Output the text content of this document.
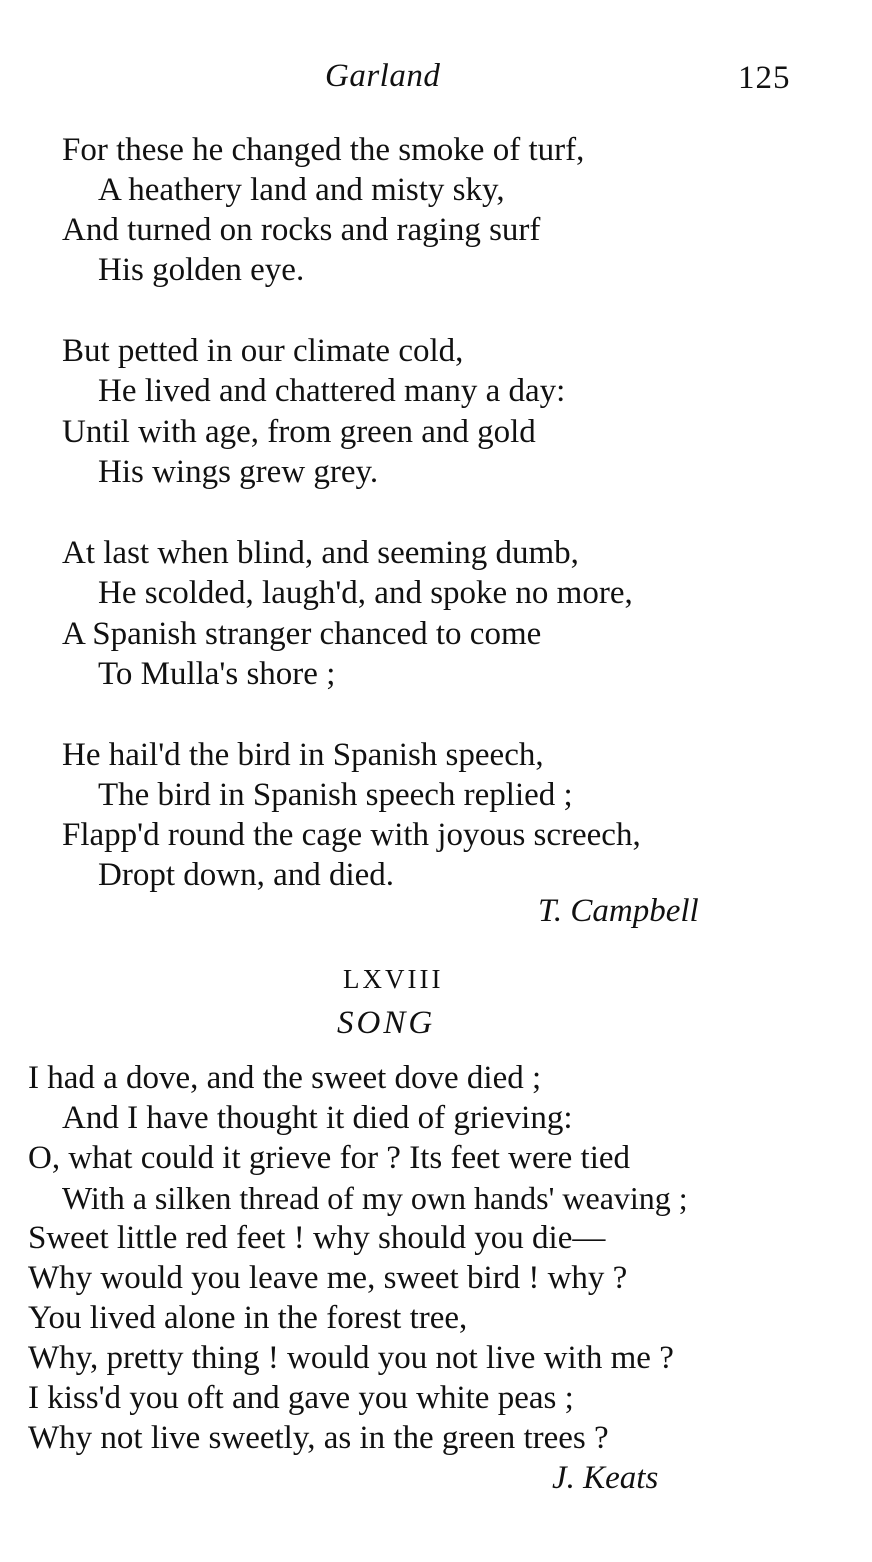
Garland	125
For these he changed the smoke of turf,
A heathery land and misty sky,
And turned on rocks and raging surf
His golden eye.
But petted in our climate cold,
He lived and chattered many a day:
Until with age, from green and gold
His wings grew grey.
At last when blind, and seeming dumb,
He scolded, laugh'd, and spoke no more,
A Spanish stranger chanced to come
To Mulla's shore ;
He hail'd the bird in Spanish speech,
The bird in Spanish speech replied ;
Flapp'd round the cage with joyous screech,
Dropt down, and died.
T. Campbell
LXVIII
SONG
I had a dove, and the sweet dove died ;
And I have thought it died of grieving:
O, what could it grieve for ? Its feet were tied
With a silken thread of my own hands' weaving ;
Sweet little red feet ! why should you die—
Why would you leave me, sweet bird ! why ?
You lived alone in the forest tree,
Why, pretty thing ! would you not live with me ?
I kiss'd you oft and gave you white peas ;
Why not live sweetly, as in the green trees ?
J. Keats
